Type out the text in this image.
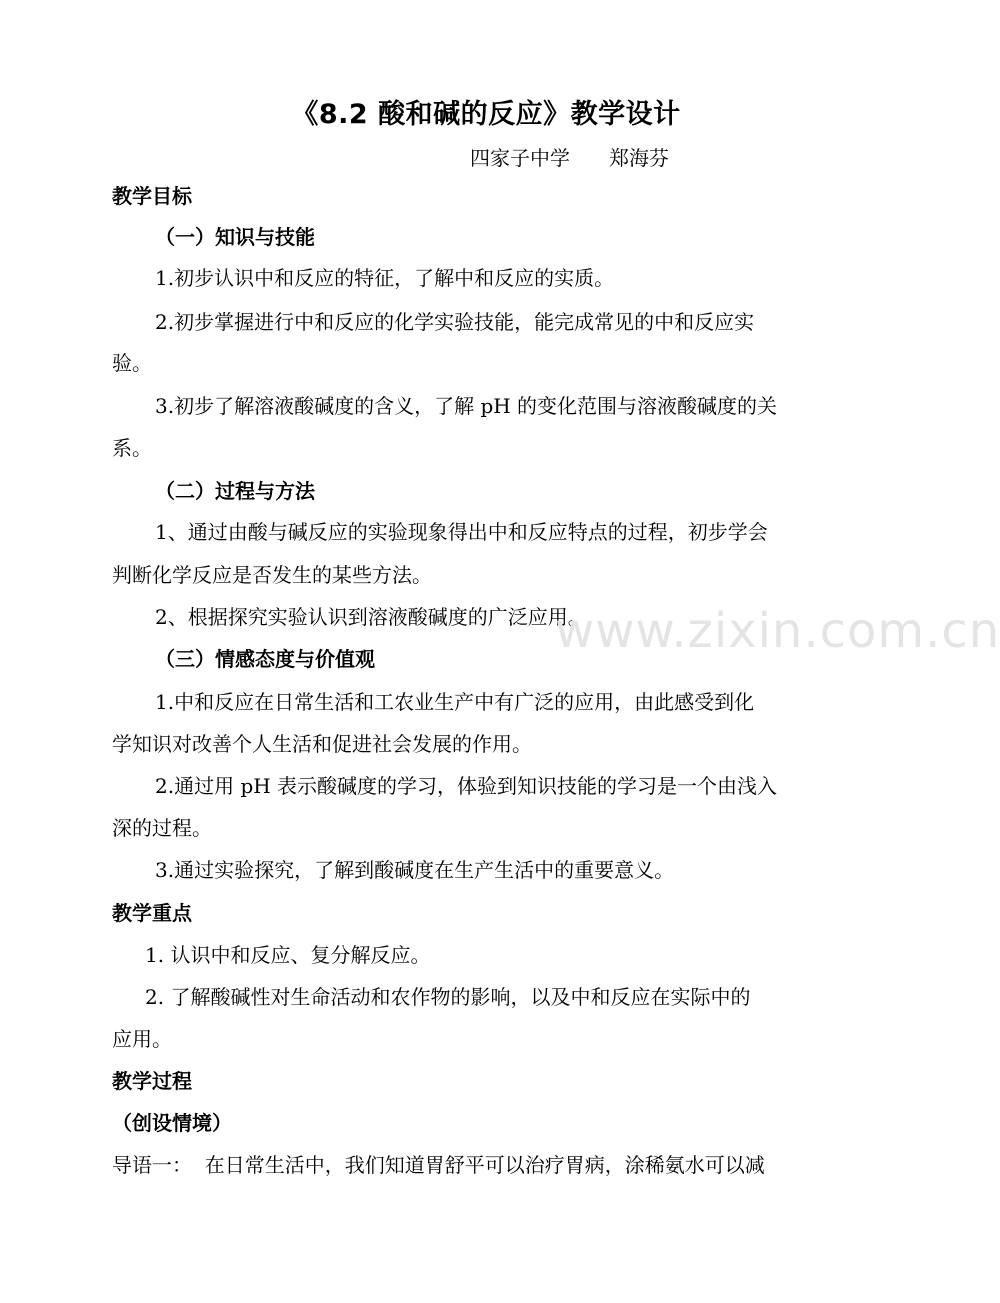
《8.2 酸和碱的反应》教学设计
四家子中学 郑海芬
教学目标
（一）知识与技能
1.初步认识中和反应的特征，了解中和反应的实质。
2.初步掌握进行中和反应的化学实验技能，能完成常见的中和反应实
验。
3.初步了解溶液酸碱度的含义，了解 pH 的变化范围与溶液酸碱度的关
系。
（二）过程与方法
1、通过由酸与碱反应的实验现象得出中和反应特点的过程，初步学会
判断化学反应是否发生的某些方法。
2、根据探究实验认识到溶液酸碱度的广泛应用。
www.zixin.com.cn
（三）情感态度与价值观
1.中和反应在日常生活和工农业生产中有广泛的应用，由此感受到化
学知识对改善个人生活和促进社会发展的作用。
2.通过用 pH 表示酸碱度的学习，体验到知识技能的学习是一个由浅入
深的过程。
3.通过实验探究，了解到酸碱度在生产生活中的重要意义。
教学重点
1. 认识中和反应、复分解反应。
2. 了解酸碱性对生命活动和农作物的影响，以及中和反应在实际中的
应用。
教学过程
（创设情境）
导语一：  在日常生活中，我们知道胃舒平可以治疗胃病，涂稀氨水可以减
